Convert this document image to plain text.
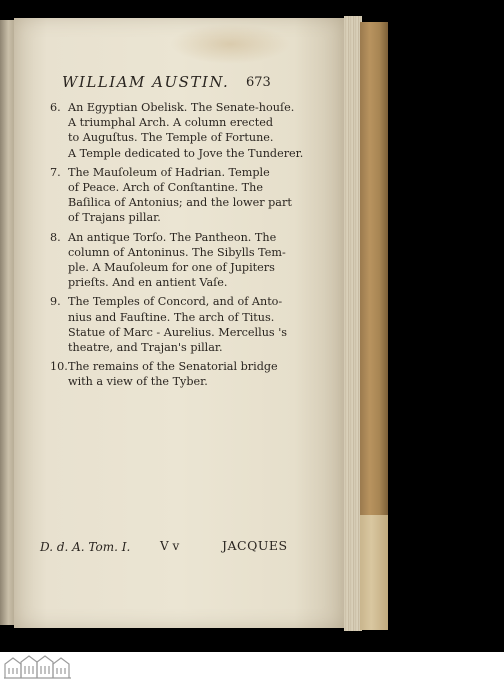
WILLIAM AUSTIN. 673
6. An Egyptian Obelisk. The Senate-houſe.
A triumphal Arch. A column erected
to Auguſtus. The Temple of Fortune.
A Temple dedicated to Jove the Tunderer.
7. The Mauſoleum of Hadrian. Temple
of Peace. Arch of Conſtantine. The
Baſilica of Antonius; and the lower part
of Trajans pillar.
8. An antique Torſo. The Pantheon. The
column of Antoninus. The Sibylls Tem-
ple. A Mauſoleum for one of Jupiters
prieſts. And en antient Vaſe.
9. The Temples of Concord, and of Anto-
nius and Fauſtine. The arch of Titus.
Statue of Marc - Aurelius. Mercellus 's
theatre, and Trajan's pillar.
10. The remains of the Senatorial bridge
with a view of the Tyber.
D. d. A. Tom. I. V v	JACQUES
